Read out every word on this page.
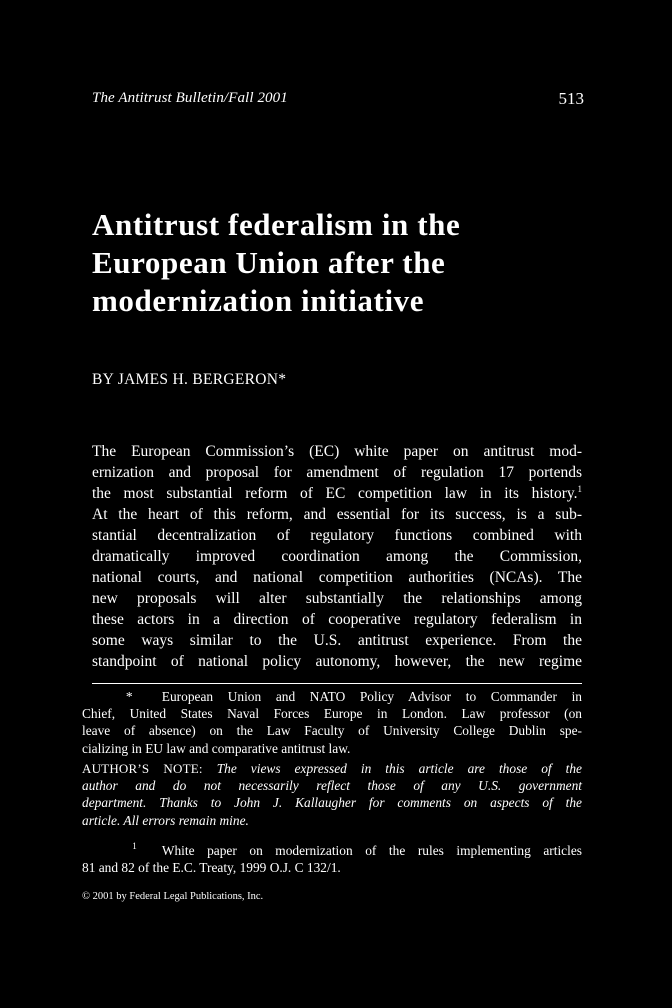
The Antitrust Bulletin/Fall 2001	513
Antitrust federalism in the
European Union after the
modernization initiative
BY JAMES H. BERGERON*
The European Commission’s (EC) white paper on antitrust mod-
ernization and proposal for amendment of regulation 17 portends
the most substantial reform of EC competition law in its history.$^1$
At the heart of this reform, and essential for its success, is a sub-
stantial decentralization of regulatory functions combined with
dramatically improved coordination among the Commission,
national courts, and national competition authorities (NCAs). The
new proposals will alter substantially the relationships among
these actors in a direction of cooperative regulatory federalism in
some ways similar to the U.S. antitrust experience. From the
standpoint of national policy autonomy, however, the new regime
*  European Union and NATO Policy Advisor to Commander in
Chief, United States Naval Forces Europe in London. Law professor (on
leave of absence) on the Law Faculty of University College Dublin spe-
cializing in EU law and comparative antitrust law.
AUTHOR’S NOTE: The views expressed in this article are those of the
author and do not necessarily reflect those of any U.S. government
department. Thanks to John J. Kallaugher for comments on aspects of the
article. All errors remain mine.
$^1$ White paper on modernization of the rules implementing articles
81 and 82 of the E.C. Treaty, 1999 O.J. C 132/1.
© 2001 by Federal Legal Publications, Inc.
